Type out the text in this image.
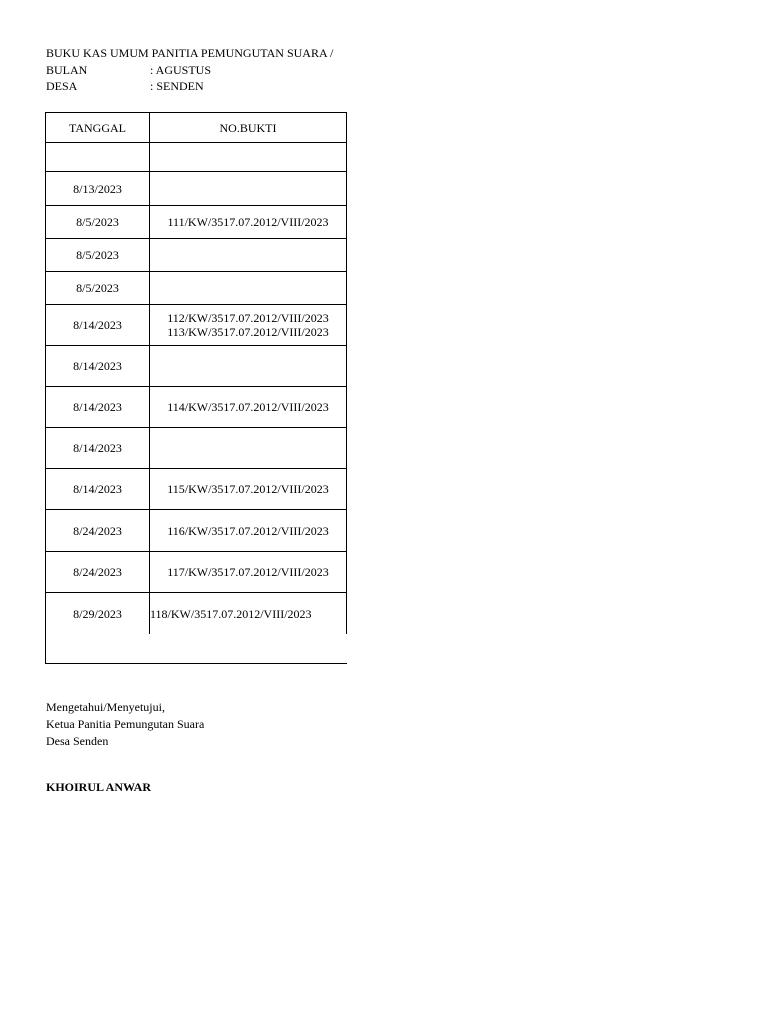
BUKU KAS UMUM PANITIA PEMUNGUTAN SUARA /
BULAN	: AGUSTUS
DESA	: SENDEN
TANGGAL	NO.BUKTI
8/13/2023
8/5/2023	111/KW/3517.07.2012/VIII/2023
8/5/2023
8/5/2023
8/14/2023	112/KW/3517.07.2012/VIII/2023
113/KW/3517.07.2012/VIII/2023
8/14/2023
8/14/2023	114/KW/3517.07.2012/VIII/2023
8/14/2023
8/14/2023	115/KW/3517.07.2012/VIII/2023
8/24/2023	116/KW/3517.07.2012/VIII/2023
8/24/2023	117/KW/3517.07.2012/VIII/2023
8/29/2023	118/KW/3517.07.2012/VIII/2023
Mengetahui/Menyetujui,
Ketua Panitia Pemungutan Suara
Desa Senden
KHOIRUL ANWAR
